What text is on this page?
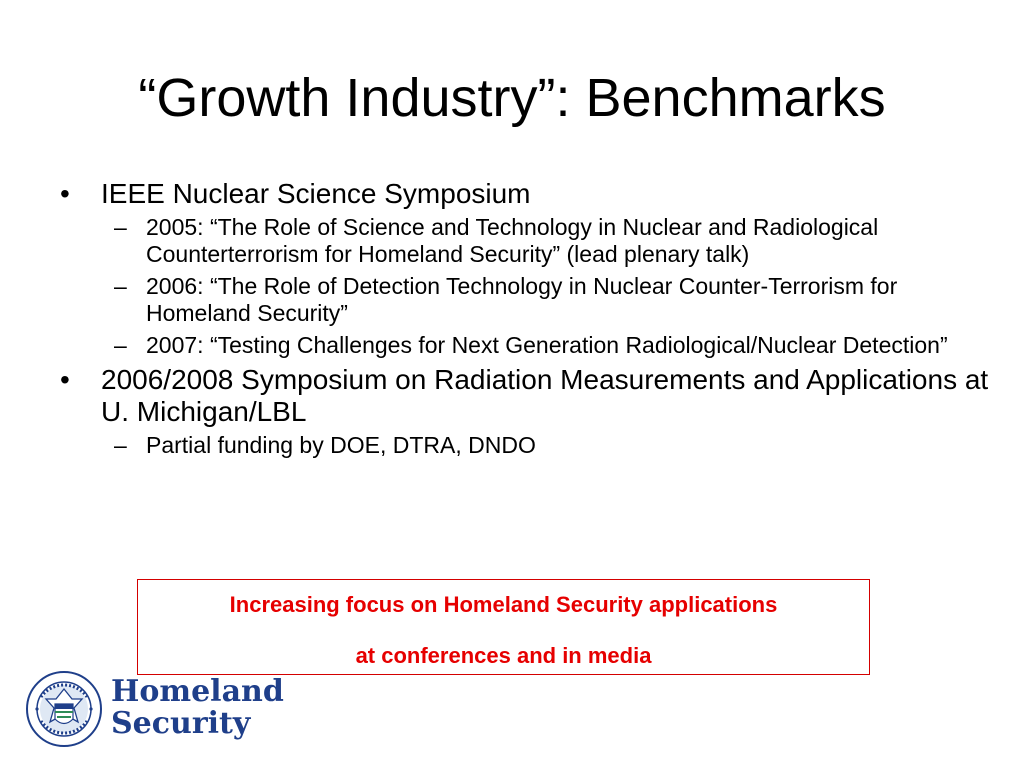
“Growth Industry”: Benchmarks
•	IEEE Nuclear Science Symposium
– 2005: “The Role of Science and Technology in Nuclear and Radiological Counterterrorism for Homeland Security” (lead plenary talk)
– 2006: “The Role of Detection Technology in Nuclear Counter-Terrorism for Homeland Security”
– 2007: “Testing Challenges for Next Generation Radiological/Nuclear Detection”
•	2006/2008 Symposium on Radiation Measurements and Applications at U. Michigan/LBL
– Partial funding by DOE, DTRA, DNDO
Increasing focus on Homeland Security applications
at conferences and in media
Homeland
Security
